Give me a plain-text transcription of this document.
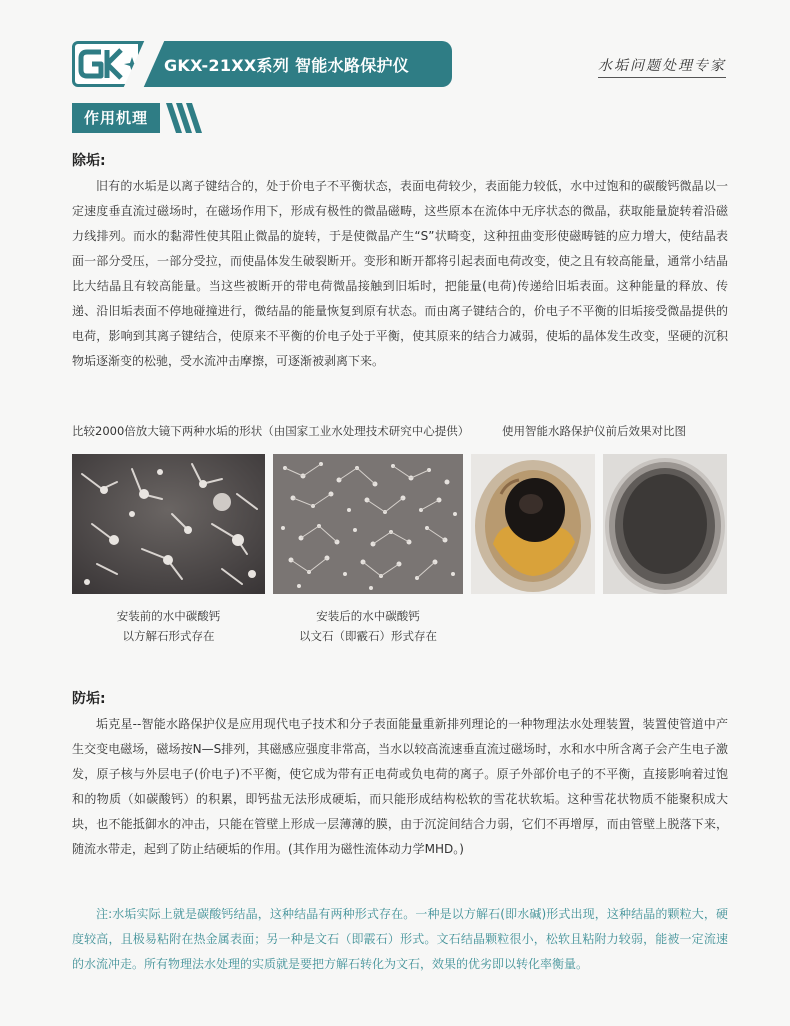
GKX-21XX系列 智能水路保护仪	水垢问题处理专家
作用机理
除垢:

旧有的水垢是以离子键结合的，处于价电子不平衡状态，表面电荷较少，表面能力较低，水中过饱和的碳酸钙微晶以一定速度垂直流过磁场时，在磁场作用下，形成有极性的微晶磁畴，这些原本在流体中无序状态的微晶，获取能量旋转着沿磁力线排列。而水的黏滞性使其阻止微晶的旋转，于是使微晶产生“S”状畸变，这种扭曲变形使磁畴链的应力增大，使结晶表面一部分受压，一部分受拉，而使晶体发生破裂断开。变形和断开都将引起表面电荷改变，使之且有较高能量，通常小结晶比大结晶且有较高能量。当这些被断开的带电荷微晶接触到旧垢时，把能量(电荷)传递给旧垢表面。这种能量的释放、传递、沿旧垢表面不停地碰撞进行，微结晶的能量恢复到原有状态。而由离子键结合的，价电子不平衡的旧垢接受微晶提供的电荷，影响到其离子键结合，使原来不平衡的价电子处于平衡，使其原来的结合力减弱，使垢的晶体发生改变，坚硬的沉积物垢逐渐变的松驰，受水流冲击摩擦，可逐渐被剥离下来。

比较2000倍放大镜下两种水垢的形状（由国家工业水处理技术研究中心提供）	使用智能水路保护仪前后效果对比图
安装前的水中碳酸钙
以方解石形式存在
安装后的水中碳酸钙
以文石（即霰石）形式存在
防垢:

垢克星--智能水路保护仪是应用现代电子技术和分子表面能量重新排列理论的一种物理法水处理装置，装置使管道中产生交变电磁场，磁场按N—S排列，其磁感应强度非常高，当水以较高流速垂直流过磁场时，水和水中所含离子会产生电子激发，原子核与外层电子(价电子)不平衡，使它成为带有正电荷或负电荷的离子。原子外部价电子的不平衡，直接影响着过饱和的物质（如碳酸钙）的积累，即钙盐无法形成硬垢，而只能形成结构松软的雪花状软垢。这种雪花状物质不能聚积成大块，也不能抵御水的冲击，只能在管壁上形成一层薄薄的膜，由于沉淀间结合力弱，它们不再增厚，而由管壁上脱落下来，随流水带走，起到了防止结硬垢的作用。(其作用为磁性流体动力学MHD。)

注:水垢实际上就是碳酸钙结晶，这种结晶有两种形式存在。一种是以方解石(即水碱)形式出现，这种结晶的颗粒大，硬度较高，且极易粘附在热金属表面；另一种是文石（即霰石）形式。文石结晶颗粒很小，松软且粘附力较弱，能被一定流速的水流冲走。所有物理法水处理的实质就是要把方解石转化为文石，效果的优劣即以转化率衡量。
